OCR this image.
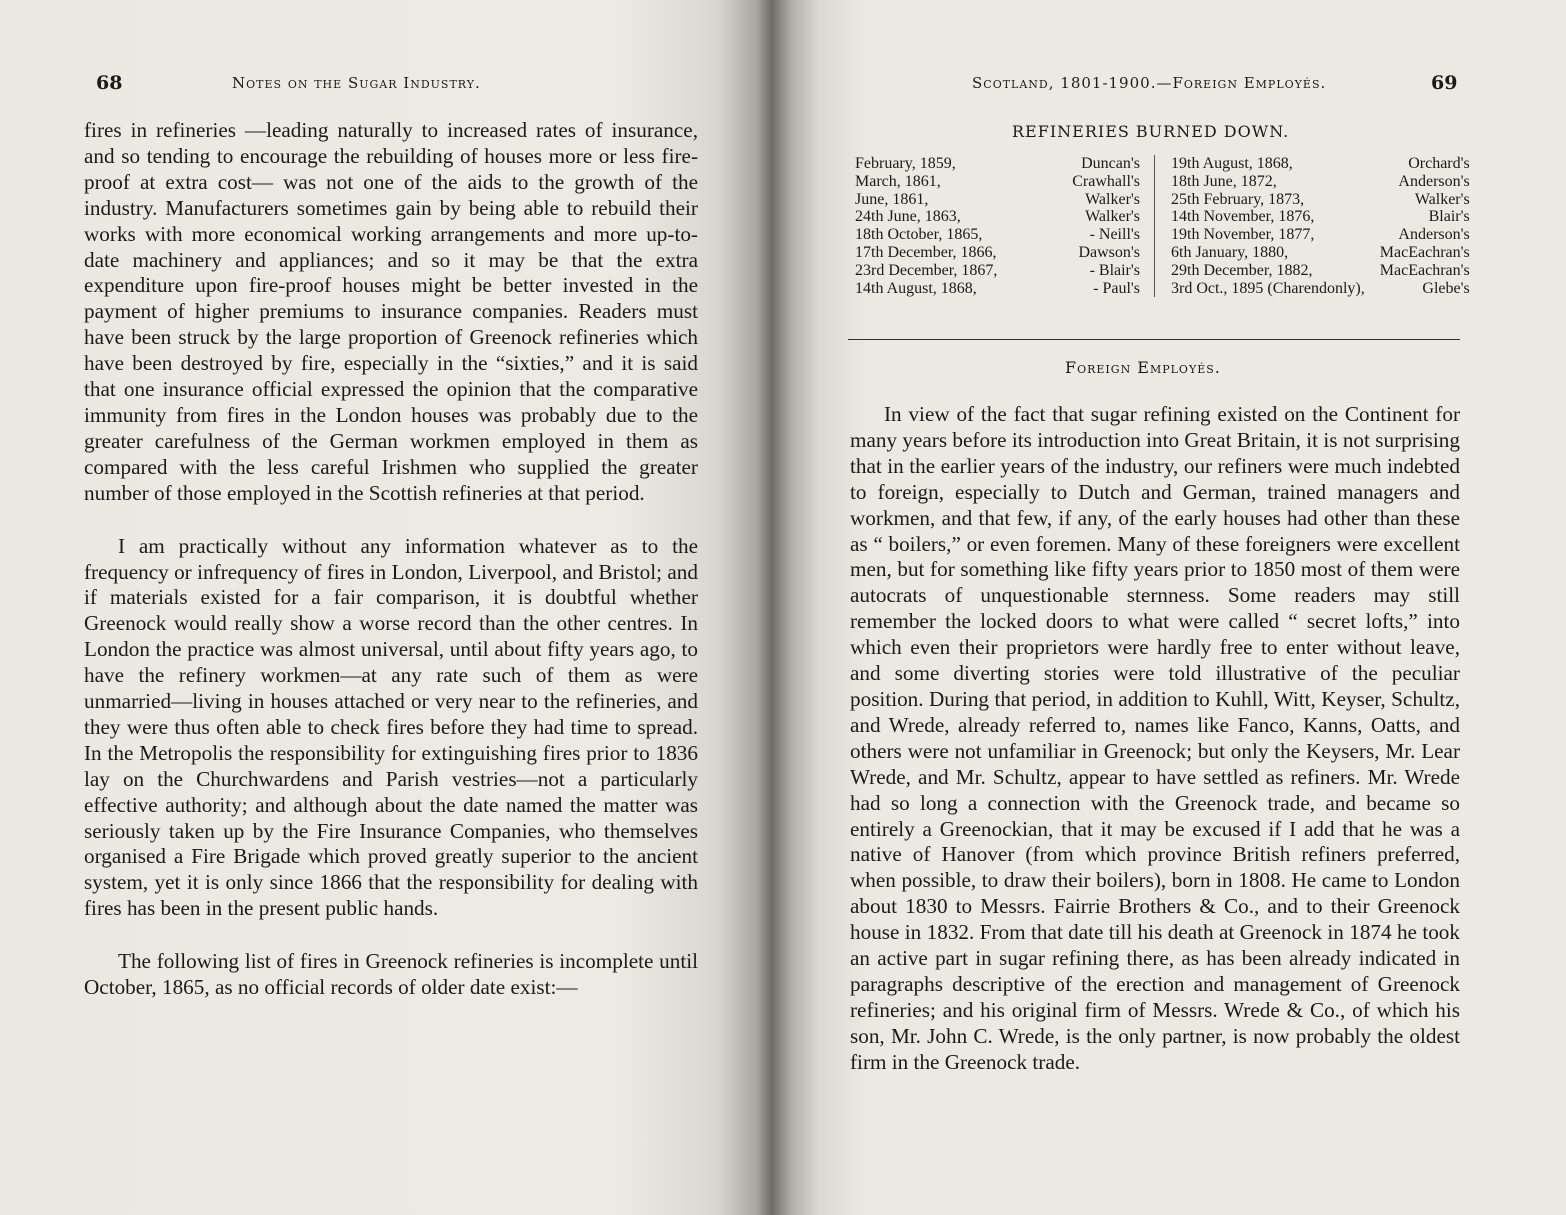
68	Notes on the Sugar Industry.

fires in refineries —leading naturally to increased rates of insurance, and so tending to encourage the rebuilding of houses more or less fire-proof at extra cost— was not one of the aids to the growth of the industry. Manufacturers sometimes gain by being able to rebuild their works with more economical working arrangements and more up-to-date machinery and appliances; and so it may be that the extra expenditure upon fire-proof houses might be better invested in the payment of higher premiums to insurance companies. Readers must have been struck by the large proportion of Greenock refineries which have been destroyed by fire, especially in the “sixties,” and it is said that one insurance official expressed the opinion that the comparative immunity from fires in the London houses was probably due to the greater carefulness of the German workmen employed in them as compared with the less careful Irishmen who supplied the greater number of those employed in the Scottish refineries at that period.

I am practically without any information whatever as to the frequency or infrequency of fires in London, Liverpool, and Bristol; and if materials existed for a fair comparison, it is doubtful whether Greenock would really show a worse record than the other centres. In London the practice was almost universal, until about fifty years ago, to have the refinery workmen—at any rate such of them as were unmarried—living in houses attached or very near to the refineries, and they were thus often able to check fires before they had time to spread. In the Metropolis the responsibility for extinguishing fires prior to 1836 lay on the Churchwardens and Parish vestries—not a particularly effective authority; and although about the date named the matter was seriously taken up by the Fire Insurance Companies, who themselves organised a Fire Brigade which proved greatly superior to the ancient system, yet it is only since 1866 that the responsibility for dealing with fires has been in the present public hands.

The following list of fires in Greenock refineries is incomplete until October, 1865, as no official records of older date exist:—

Scotland, 1801-1900.—Foreign Employés.	69
REFINERIES BURNED DOWN.
February, 1859,	Duncan's		19th August, 1868,	Orchard's
March, 1861,	Crawhall's		18th June, 1872,	Anderson's
June, 1861,	Walker's		25th February, 1873,	Walker's
24th June, 1863,	Walker's		14th November, 1876,	Blair's
18th October, 1865,	- Neill's		19th November, 1877,	Anderson's
17th December, 1866,	Dawson's		6th January, 1880,	MacEachran's
23rd December, 1867,	- Blair's		29th December, 1882,	MacEachran's
14th August, 1868,	- Paul's		3rd Oct., 1895 (Charendonly),	Glebe's
Foreign Employés.

In view of the fact that sugar refining existed on the Continent for many years before its introduction into Great Britain, it is not surprising that in the earlier years of the industry, our refiners were much indebted to foreign, especially to Dutch and German, trained managers and workmen, and that few, if any, of the early houses had other than these as “ boilers,” or even foremen. Many of these foreigners were excellent men, but for something like fifty years prior to 1850 most of them were autocrats of unquestionable sternness. Some readers may still remember the locked doors to what were called “ secret lofts,” into which even their proprietors were hardly free to enter without leave, and some diverting stories were told illustrative of the peculiar position. During that period, in addition to Kuhll, Witt, Keyser, Schultz, and Wrede, already referred to, names like Fanco, Kanns, Oatts, and others were not unfamiliar in Greenock; but only the Keysers, Mr. Lear Wrede, and Mr. Schultz, appear to have settled as refiners. Mr. Wrede had so long a connection with the Greenock trade, and became so entirely a Greenockian, that it may be excused if I add that he was a native of Hanover (from which province British refiners preferred, when possible, to draw their boilers), born in 1808. He came to London about 1830 to Messrs. Fairrie Brothers & Co., and to their Greenock house in 1832. From that date till his death at Greenock in 1874 he took an active part in sugar refining there, as has been already indicated in paragraphs descriptive of the erection and management of Greenock refineries; and his original firm of Messrs. Wrede & Co., of which his son, Mr. John C. Wrede, is the only partner, is now probably the oldest firm in the Greenock trade.
